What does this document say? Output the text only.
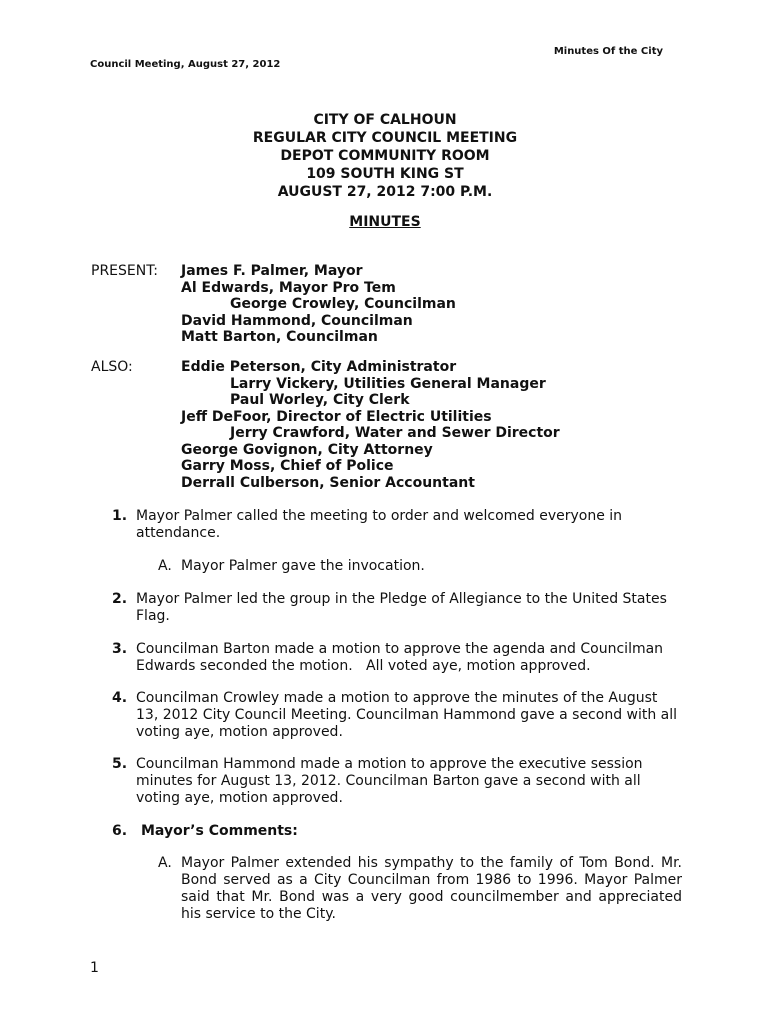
Minutes Of the City
Council Meeting, August 27, 2012
CITY OF CALHOUN
REGULAR CITY COUNCIL MEETING
DEPOT COMMUNITY ROOM
109 SOUTH KING ST
AUGUST 27, 2012 7:00 P.M.
MINUTES
PRESENT: James F. Palmer, Mayor
Al Edwards, Mayor Pro Tem
George Crowley, Councilman
David Hammond, Councilman
Matt Barton, Councilman
ALSO:	Eddie Peterson, City Administrator
Larry Vickery, Utilities General Manager
Paul Worley, City Clerk
Jeff DeFoor, Director of Electric Utilities
Jerry Crawford, Water and Sewer Director
George Govignon, City Attorney
Garry Moss, Chief of Police
Derrall Culberson, Senior Accountant
1. Mayor Palmer called the meeting to order and welcomed everyone in attendance.
A. Mayor Palmer gave the invocation.
2. Mayor Palmer led the group in the Pledge of Allegiance to the United States Flag.
3. Councilman Barton made a motion to approve the agenda and Councilman Edwards seconded the motion.   All voted aye, motion approved.
4. Councilman Crowley made a motion to approve the minutes of the August 13, 2012 City Council Meeting. Councilman Hammond gave a second with all voting aye, motion approved.
5. Councilman Hammond made a motion to approve the executive session minutes for August 13, 2012. Councilman Barton gave a second with all voting aye, motion approved.
6. Mayor’s Comments:
A. Mayor Palmer extended his sympathy to the family of Tom Bond. Mr. Bond served as a City Councilman from 1986 to 1996. Mayor Palmer said that Mr. Bond was a very good councilmember and appreciated his service to the City.
1
